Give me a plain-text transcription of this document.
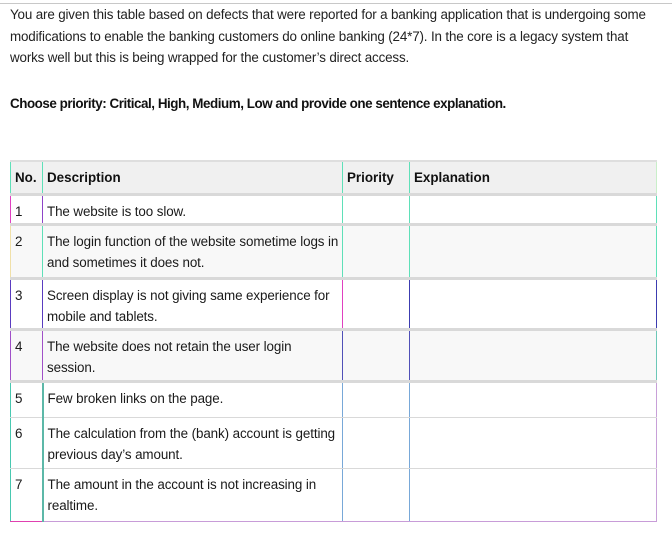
You are given this table based on defects that were reported for a banking application that is undergoing some modifications to enable the banking customers do online banking (24*7). In the core is a legacy system that works well but this is being wrapped for the customer’s direct access.

Choose priority: Critical, High, Medium, Low and provide one sentence explanation.

No.	Description	Priority	Explanation
1	The website is too slow.		
2	The login function of the website sometime logs in and sometimes it does not.		
3	Screen display is not giving same experience for mobile and tablets.		
4	The website does not retain the user login session.		
5	Few broken links on the page.		
6	The calculation from the (bank) account is getting previous day’s amount.		
7	The amount in the account is not increasing in realtime.		
